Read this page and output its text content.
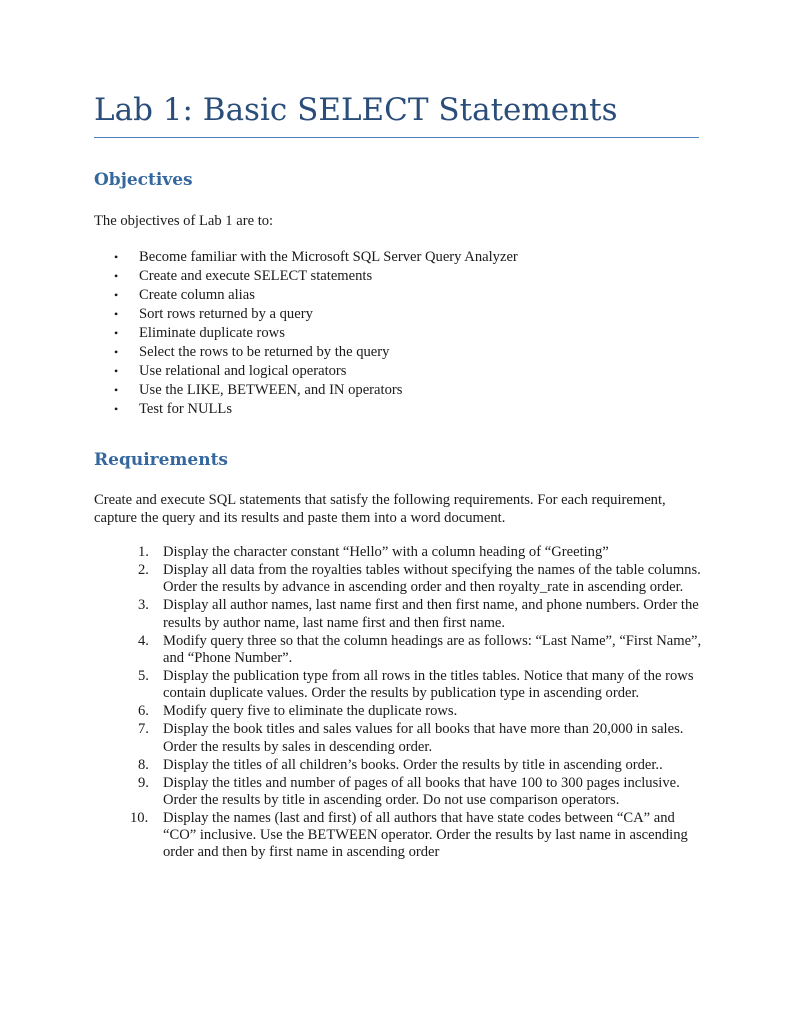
Lab 1: Basic SELECT Statements
Objectives
The objectives of Lab 1 are to:
• Become familiar with the Microsoft SQL Server Query Analyzer
• Create and execute SELECT statements
• Create column alias
• Sort rows returned by a query
• Eliminate duplicate rows
• Select the rows to be returned by the query
• Use relational and logical operators
• Use the LIKE, BETWEEN, and IN operators
• Test for NULLs
Requirements
Create and execute SQL statements that satisfy the following requirements. For each requirement, capture the query and its results and paste them into a word document.
1. Display the character constant “Hello” with a column heading of “Greeting”
2. Display all data from the royalties tables without specifying the names of the table columns. Order the results by advance in ascending order and then royalty_rate in ascending order.
3. Display all author names, last name first and then first name, and phone numbers. Order the results by author name, last name first and then first name.
4. Modify query three so that the column headings are as follows: “Last Name”, “First Name”, and “Phone Number”.
5. Display the publication type from all rows in the titles tables. Notice that many of the rows contain duplicate values. Order the results by publication type in ascending order.
6. Modify query five to eliminate the duplicate rows.
7. Display the book titles and sales values for all books that have more than 20,000 in sales. Order the results by sales in descending order.
8. Display the titles of all children’s books. Order the results by title in ascending order..
9. Display the titles and number of pages of all books that have 100 to 300 pages inclusive. Order the results by title in ascending order. Do not use comparison operators.
10. Display the names (last and first) of all authors that have state codes between “CA” and “CO” inclusive. Use the BETWEEN operator. Order the results by last name in ascending order and then by first name in ascending order
